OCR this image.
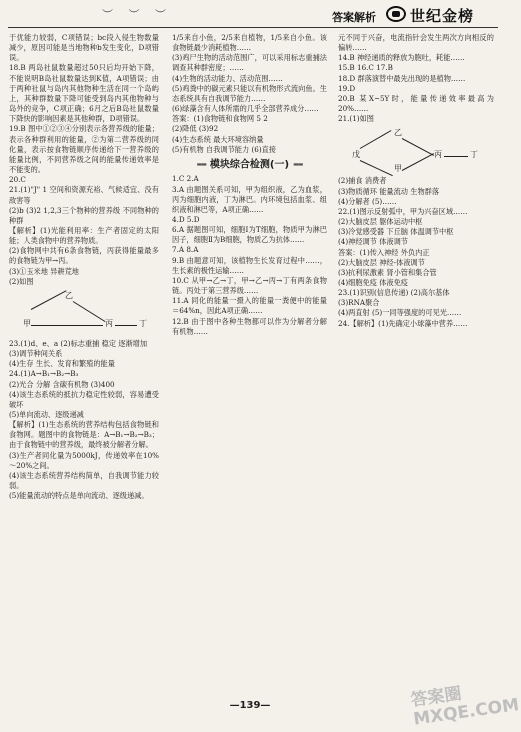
︶ ︶ ︶	答案解析 世纪金榜

于优能力较弱，C项错误；bc段入侵生物数量减少，原因可能是当地物种b发生变化，D项错误。

18.B 两岛社鼠数量超过50只后均开始下降，不能说明B岛社鼠数量达到K值，A项错误；由于两种社鼠与岛内其他物种生活在同一个岛屿上，其种群数量下降可能受到岛内其他物种与岛外的竞争，C项正确；6月之后B岛社鼠数量下降快的影响因素是其他种群，D项错误。

19.B 图中①②③④分别表示各营养级的能量；表示各种群利用的能量，②为第二营养级的同化量，表示按食物链顺序传递给下一营养级的能量比例，不同营养级之间的能量传递效率是不能变的。

20.C

21.(1)"J" 1 空间和资源充裕、气候适宜、没有敌害等

(2)b (3)2 1,2,3三个物种的营养级 不同物种的种群

【解析】(1)光能利用率：生产者固定的太阳能；人类食物中的营养物质。

(2)食物网中共有6条食物链，丙获得能量最多的食物链为甲→丙。

(3)①玉米地 异耕荒地

(2)如图

乙
甲	丙	丁

23.(1)d、e、a (2)标志重捕 稳定 逐渐增加

(3)调节种间关系

(4)生存 生长、发育和繁殖的能量

24.(1)A→B₁→B₂→B₃

(2)光合 分解 含碳有机物 (3)400

(4)该生态系统的抵抗力稳定性较弱，容易遭受破坏

(5)单向流动、逐级递减

【解析】(1)生态系统的营养结构包括食物链和食物网。题图中的食物链是：A→B₁→B₂→B₃；由于食物链中的营养级，最终被分解者分解。

(3)生产者同化量为5000kJ，传递效率在10%～20%之间。

(4)该生态系统营养结构简单，自我调节能力较弱。

(5)能量流动的特点是单向流动、逐级递减。

1/5来自小鱼，2/5来自植物，1/5来自小鱼。该食物链最少消耗植物……

(3)鸡尸生物的活动范围广，可以采用标志重捕法调查其种群密度；……

(4)生物的活动能力、活动范围……

(5)鸡粪中的碳元素只能以有机物形式流向鱼。生态系统具有自我调节能力……

(6)绿藻含有人体所需的几乎全部营养成分……

答案：(1)食物链和食物网 5 2

(2)降低 (3)92

(4)生态系统 最大环境容纳量

(5)有机物 自我调节能力 (6)直接

▬▬ 模块综合检测(一) ▬▬

1.C 2.A

3.A 由题图关系可知，甲为组织液，乙为血浆，丙为细胞内液，丁为淋巴。内环境包括血浆、组织液和淋巴等，A项正确……

4.D 5.D

6.A 据题图可知，细胞Ⅰ为T细胞，物质甲为淋巴因子，细胞Ⅱ为B细胞，物质乙为抗体……

7.A 8.A

9.B 由题意可知，该植物生长发育过程中……，生长素的极性运输……

10.C 从甲→乙→丁，甲→乙→丙→丁有两条食物链。丙处于第三营养级……

11.A 同化的能量一摄入的能量一粪便中的能量＝64%n，因此A项正确……

12.B 由于图中各种生物都可以作为分解者分解有机物……

元不同于兴奋，电流指针会发生两次方向相反的偏转……

14.B 神经递质的释放为胞吐，耗能……

15.B 16.C 17.B

18.D 群落演替中最先出现的是植物……

19.D

20.B 某X~5Y时，能量传递效率最高为20%……

21.(1)如图

乙
戊
甲
丙	丁

(2)捕食 消费者

(3)物质循环 能量流动 生物群落

(4)分解者 (5)……

22.(1)图示反射弧中，甲为兴奋区域……

(2)大脑皮层 躯体运动中枢

(3)冷觉感受器 下丘脑 体温调节中枢

(4)神经调节 体液调节

答案：(1)传入神经 外负内正

(2)大脑皮层 神经-体液调节

(3)抗利尿激素 肾小管和集合管

(4)细胞免疫 体液免疫

23.(1)识别(信息传递) (2)高尔基体

(3)RNA聚合

(4)两直射 (5)一同等强度的可见光……

24.【解析】(1)先确定小球藻中营养……

答案圈 MXQE.COM
—139—
